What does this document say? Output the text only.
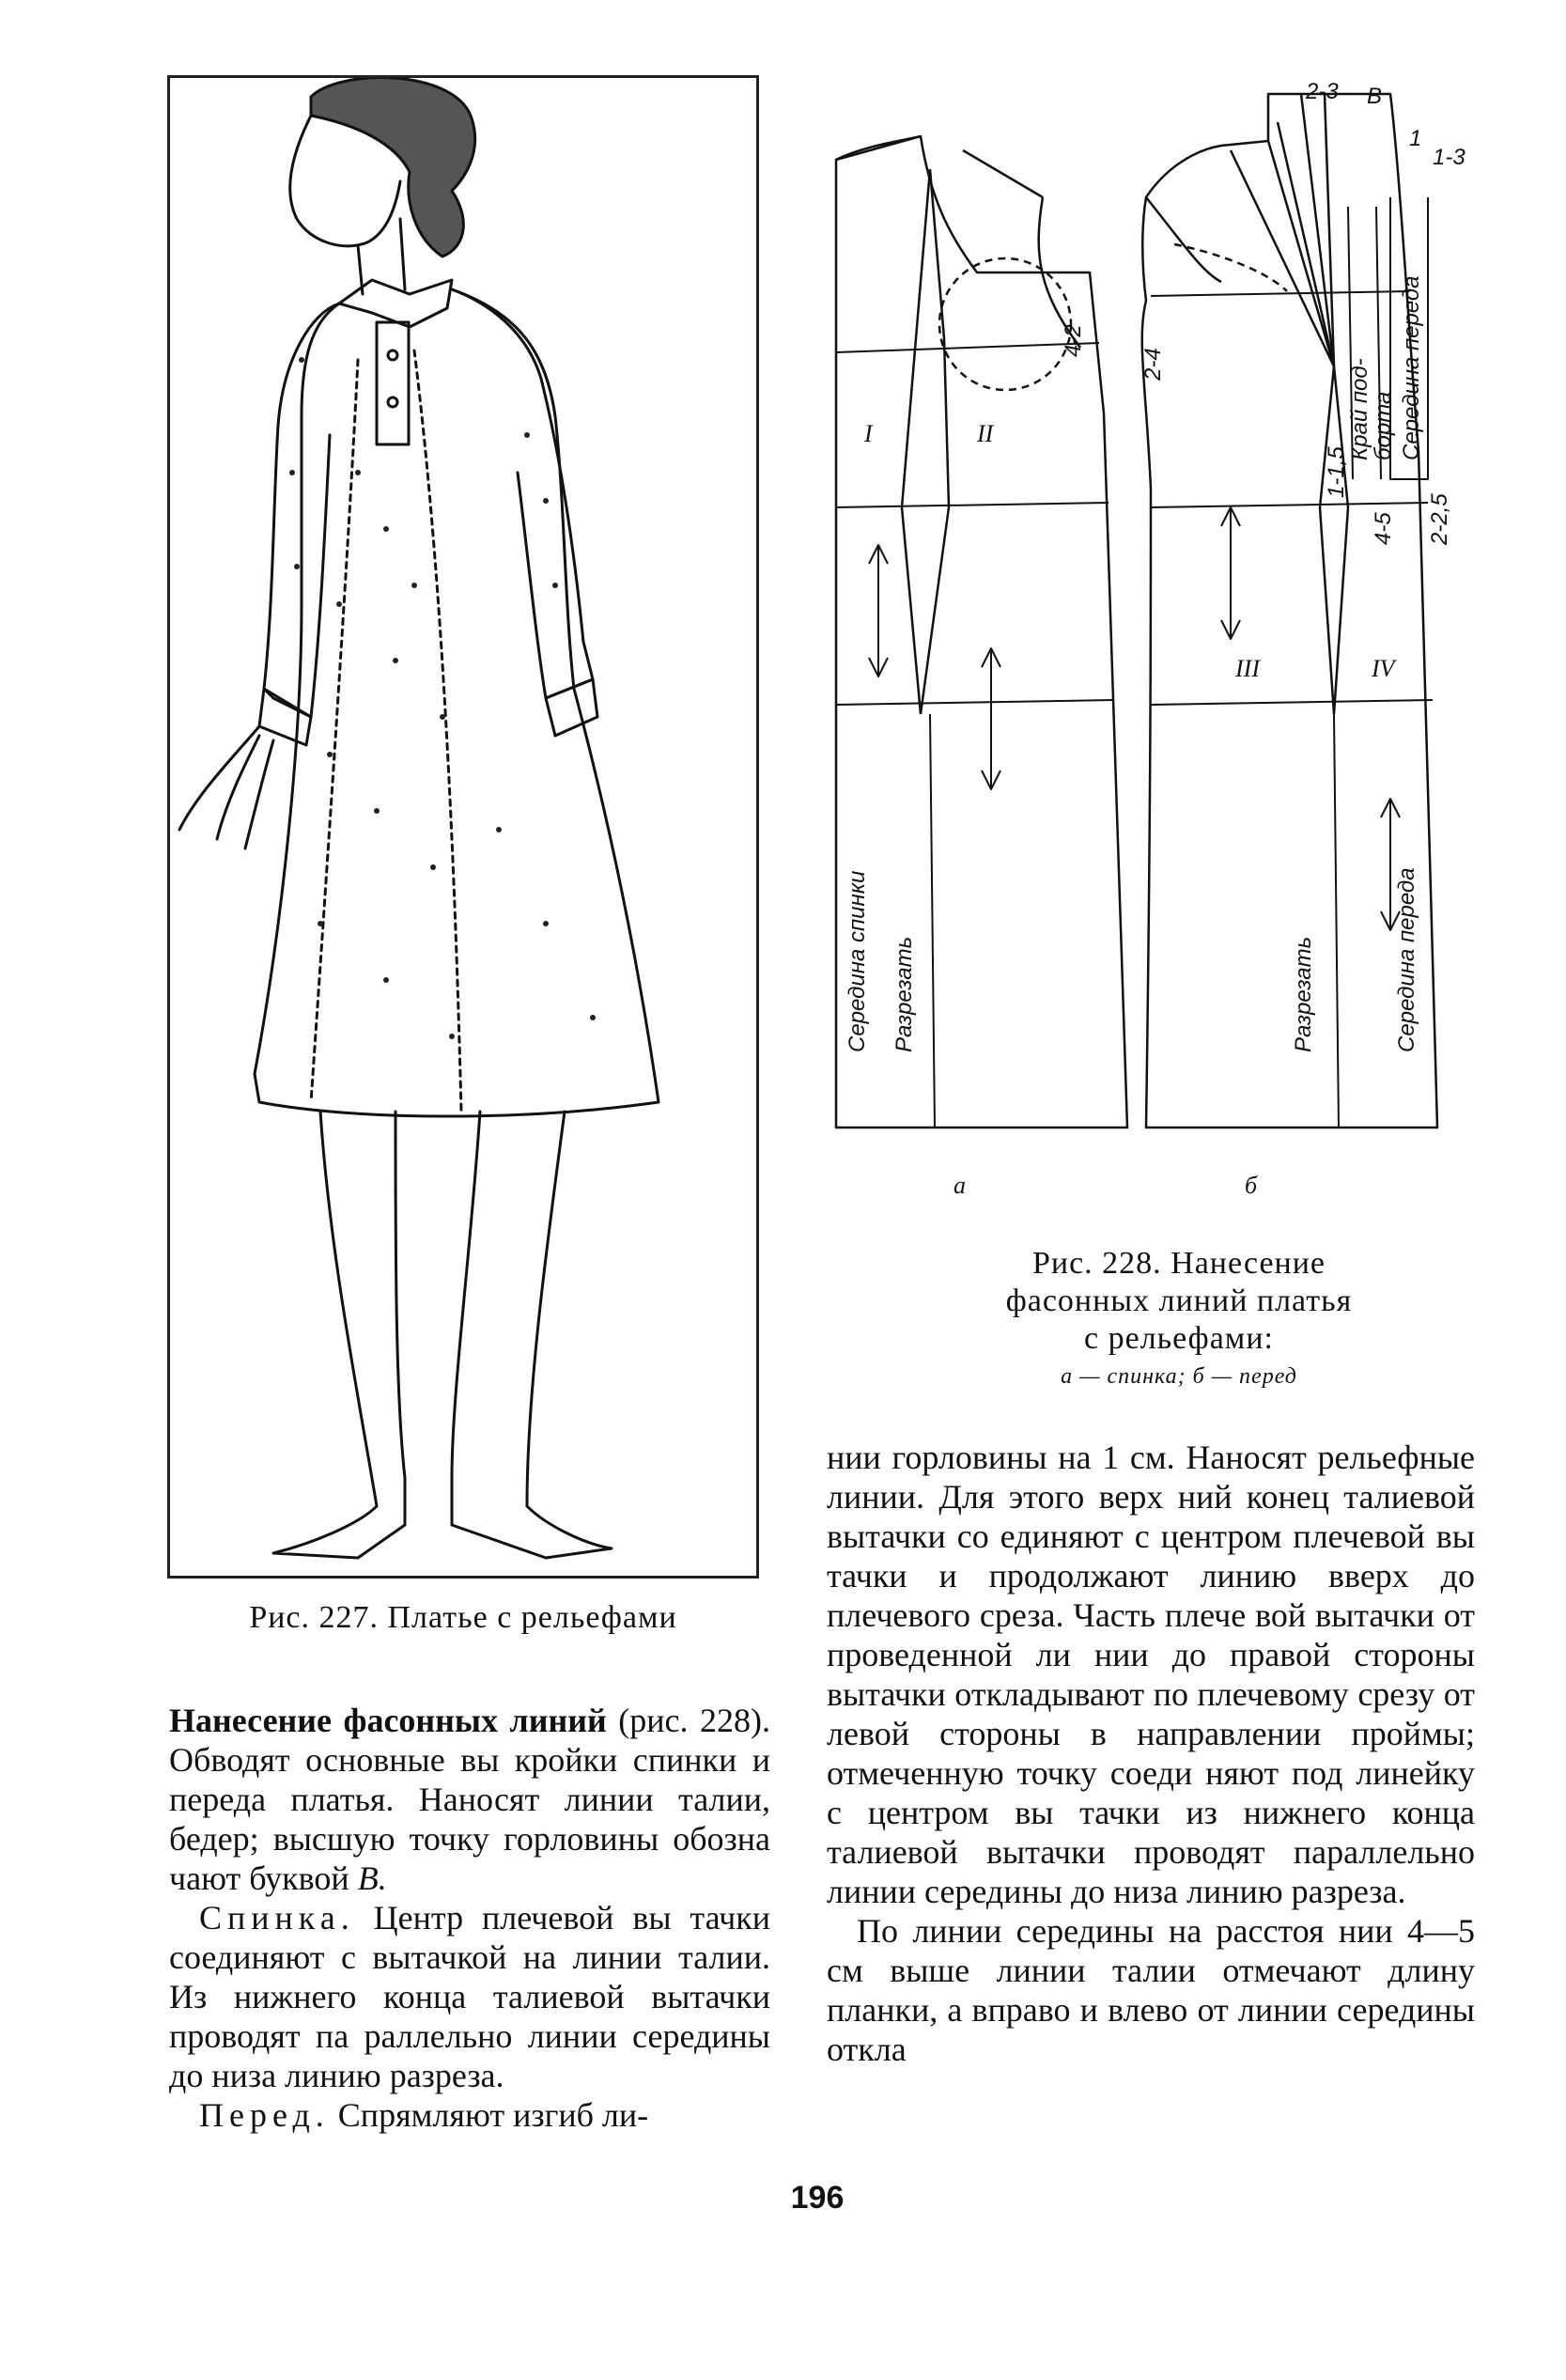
Рис. 227. Платье с рельефами
Середина спинки Разрезать
I	II
4-2
Середина переда
Разрезать
III	IV
2-4
В
2-3
1-3
1
1-1,5
4-5 2-2,5
Край под-
борта Середина переда
а	б
Рис. 228. Нанесение
фасонных линий платья
с рельефами:
а — спинка; б — перед

Нанесение фасонных линий (рис. 228). Обводят основные вы кройки спинки и переда платья. Наносят линии талии, бедер; высшую точку горловины обозна чают буквой В.

Спинка. Центр плечевой вы тачки соединяют с вытачкой на линии талии. Из нижнего конца талиевой вытачки проводят па раллельно линии середины до низа линию разреза.

Перед. Спрямляют изгиб ли-

нии горловины на 1 см. Наносят рельефные линии. Для этого верх ний конец талиевой вытачки со единяют с центром плечевой вы тачки и продолжают линию вверх до плечевого среза. Часть плече вой вытачки от проведенной ли нии до правой стороны вытачки откладывают по плечевому срезу от левой стороны в направлении проймы; отмеченную точку соеди няют под линейку с центром вы тачки из нижнего конца талиевой вытачки проводят параллельно линии середины до низа линию разреза.

По линии середины на расстоя нии 4—5 см выше линии талии отмечают длину планки, а вправо и влево от линии середины откла

196
